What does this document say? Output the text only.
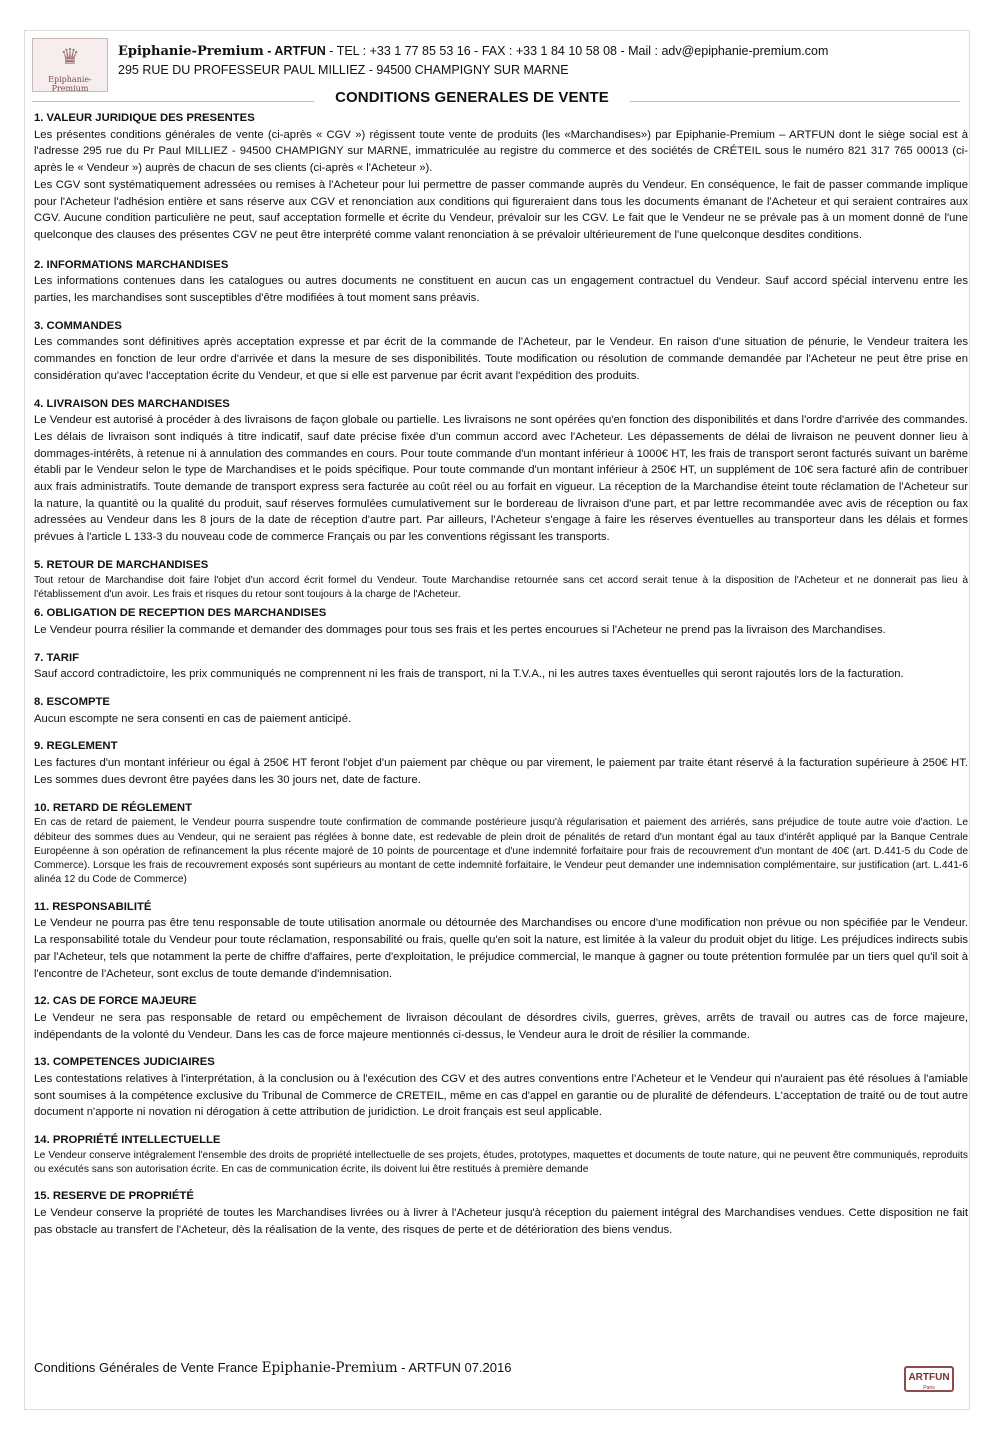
♛
Epiphanie-Premium
Epiphanie-Premium - ARTFUN - TEL : +33 1 77 85 53 16 - FAX : +33 1 84 10 58 08 - Mail : adv@epiphanie-premium.com
295 RUE DU PROFESSEUR PAUL MILLIEZ - 94500 CHAMPIGNY SUR MARNE
CONDITIONS GENERALES DE VENTE
1. VALEUR JURIDIQUE DES PRESENTES

Les présentes conditions générales de vente (ci-après « CGV ») régissent toute vente de produits (les «Marchandises») par Epiphanie-Premium – ARTFUN dont le siège social est à l'adresse 295 rue du Pr Paul MILLIEZ - 94500 CHAMPIGNY sur MARNE, immatriculée au registre du commerce et des sociétés de CRÉTEIL sous le numéro 821 317 765 00013 (ci-après le « Vendeur ») auprès de chacun de ses clients (ci-après « l'Acheteur »).

Les CGV sont systématiquement adressées ou remises à l'Acheteur pour lui permettre de passer commande auprès du Vendeur. En conséquence, le fait de passer commande implique pour l'Acheteur l'adhésion entière et sans réserve aux CGV et renonciation aux conditions qui figureraient dans tous les documents émanant de l'Acheteur et qui seraient contraires aux CGV. Aucune condition particulière ne peut, sauf acceptation formelle et écrite du Vendeur, prévaloir sur les CGV. Le fait que le Vendeur ne se prévale pas à un moment donné de l'une quelconque des clauses des présentes CGV ne peut être interprété comme valant renonciation à se prévaloir ultérieurement de l'une quelconque desdites conditions.

2. INFORMATIONS MARCHANDISES

Les informations contenues dans les catalogues ou autres documents ne constituent en aucun cas un engagement contractuel du Vendeur. Sauf accord spécial intervenu entre les parties, les marchandises sont susceptibles d'être modifiées à tout moment sans préavis.

3. COMMANDES

Les commandes sont définitives après acceptation expresse et par écrit de la commande de l'Acheteur, par le Vendeur. En raison d'une situation de pénurie, le Vendeur traitera les commandes en fonction de leur ordre d'arrivée et dans la mesure de ses disponibilités. Toute modification ou résolution de commande demandée par l'Acheteur ne peut être prise en considération qu'avec l'acceptation écrite du Vendeur, et que si elle est parvenue par écrit avant l'expédition des produits.

4. LIVRAISON DES MARCHANDISES

Le Vendeur est autorisé à procéder à des livraisons de façon globale ou partielle. Les livraisons ne sont opérées qu'en fonction des disponibilités et dans l'ordre d'arrivée des commandes. Les délais de livraison sont indiqués à titre indicatif, sauf date précise fixée d'un commun accord avec l'Acheteur. Les dépassements de délai de livraison ne peuvent donner lieu à dommages-intérêts, à retenue ni à annulation des commandes en cours. Pour toute commande d'un montant inférieur à 1000€ HT, les frais de transport seront facturés suivant un barème établi par le Vendeur selon le type de Marchandises et le poids spécifique. Pour toute commande d'un montant inférieur à 250€ HT, un supplément de 10€ sera facturé afin de contribuer aux frais administratifs. Toute demande de transport express sera facturée au coût réel ou au forfait en vigueur. La réception de la Marchandise éteint toute réclamation de l'Acheteur sur la nature, la quantité ou la qualité du produit, sauf réserves formulées cumulativement sur le bordereau de livraison d'une part, et par lettre recommandée avec avis de réception ou fax adressées au Vendeur dans les 8 jours de la date de réception d'autre part. Par ailleurs, l'Acheteur s'engage à faire les réserves éventuelles au transporteur dans les délais et formes prévues à l'article L 133-3 du nouveau code de commerce Français ou par les conventions régissant les transports.

5. RETOUR DE MARCHANDISES

Tout retour de Marchandise doit faire l'objet d'un accord écrit formel du Vendeur. Toute Marchandise retournée sans cet accord serait tenue à la disposition de l'Acheteur et ne donnerait pas lieu à l'établissement d'un avoir. Les frais et risques du retour sont toujours à la charge de l'Acheteur.

6. OBLIGATION DE RECEPTION DES MARCHANDISES

Le Vendeur pourra résilier la commande et demander des dommages pour tous ses frais et les pertes encourues si l'Acheteur ne prend pas la livraison des Marchandises.

7. TARIF

Sauf accord contradictoire, les prix communiqués ne comprennent ni les frais de transport, ni la T.V.A., ni les autres taxes éventuelles qui seront rajoutés lors de la facturation.

8. ESCOMPTE

Aucun escompte ne sera consenti en cas de paiement anticipé.

9. REGLEMENT

Les factures d'un montant inférieur ou égal à 250€ HT feront l'objet d'un paiement par chèque ou par virement, le paiement par traite étant réservé à la facturation supérieure à 250€ HT. Les sommes dues devront être payées dans les 30 jours net, date de facture.

10. RETARD DE RÉGLEMENT

En cas de retard de paiement, le Vendeur pourra suspendre toute confirmation de commande postérieure jusqu'à régularisation et paiement des arriérés, sans préjudice de toute autre voie d'action. Le débiteur des sommes dues au Vendeur, qui ne seraient pas réglées à bonne date, est redevable de plein droit de pénalités de retard d'un montant égal au taux d'intérêt appliqué par la Banque Centrale Européenne à son opération de refinancement la plus récente majoré de 10 points de pourcentage et d'une indemnité forfaitaire pour frais de recouvrement d'un montant de 40€ (art. D.441-5 du Code de Commerce). Lorsque les frais de recouvrement exposés sont supérieurs au montant de cette indemnité forfaitaire, le Vendeur peut demander une indemnisation complémentaire, sur justification (art. L.441-6 alinéa 12 du Code de Commerce)

11. RESPONSABILITÉ

Le Vendeur ne pourra pas être tenu responsable de toute utilisation anormale ou détournée des Marchandises ou encore d'une modification non prévue ou non spécifiée par le Vendeur. La responsabilité totale du Vendeur pour toute réclamation, responsabilité ou frais, quelle qu'en soit la nature, est limitée à la valeur du produit objet du litige. Les préjudices indirects subis par l'Acheteur, tels que notamment la perte de chiffre d'affaires, perte d'exploitation, le préjudice commercial, le manque à gagner ou toute prétention formulée par un tiers quel qu'il soit à l'encontre de l'Acheteur, sont exclus de toute demande d'indemnisation.

12. CAS DE FORCE MAJEURE

Le Vendeur ne sera pas responsable de retard ou empêchement de livraison découlant de désordres civils, guerres, grèves, arrêts de travail ou autres cas de force majeure, indépendants de la volonté du Vendeur. Dans les cas de force majeure mentionnés ci-dessus, le Vendeur aura le droit de résilier la commande.

13. COMPETENCES JUDICIAIRES

Les contestations relatives à l'interprétation, à la conclusion ou à l'exécution des CGV et des autres conventions entre l'Acheteur et le Vendeur qui n'auraient pas été résolues à l'amiable sont soumises à la compétence exclusive du Tribunal de Commerce de CRETEIL, même en cas d'appel en garantie ou de pluralité de défendeurs. L'acceptation de traité ou de tout autre document n'apporte ni novation ni dérogation à cette attribution de juridiction. Le droit français est seul applicable.

14. PROPRIÉTÉ INTELLECTUELLE

Le Vendeur conserve intégralement l'ensemble des droits de propriété intellectuelle de ses projets, études, prototypes, maquettes et documents de toute nature, qui ne peuvent être communiqués, reproduits ou exécutés sans son autorisation écrite. En cas de communication écrite, ils doivent lui être restitués à première demande

15. RESERVE DE PROPRIÉTÉ

Le Vendeur conserve la propriété de toutes les Marchandises livrées ou à livrer à l'Acheteur jusqu'à réception du paiement intégral des Marchandises vendues. Cette disposition ne fait pas obstacle au transfert de l'Acheteur, dès la réalisation de la vente, des risques de perte et de détérioration des biens vendus.

Conditions Générales de Vente France Epiphanie-Premium - ARTFUN 07.2016
ARTFUN
Paris
